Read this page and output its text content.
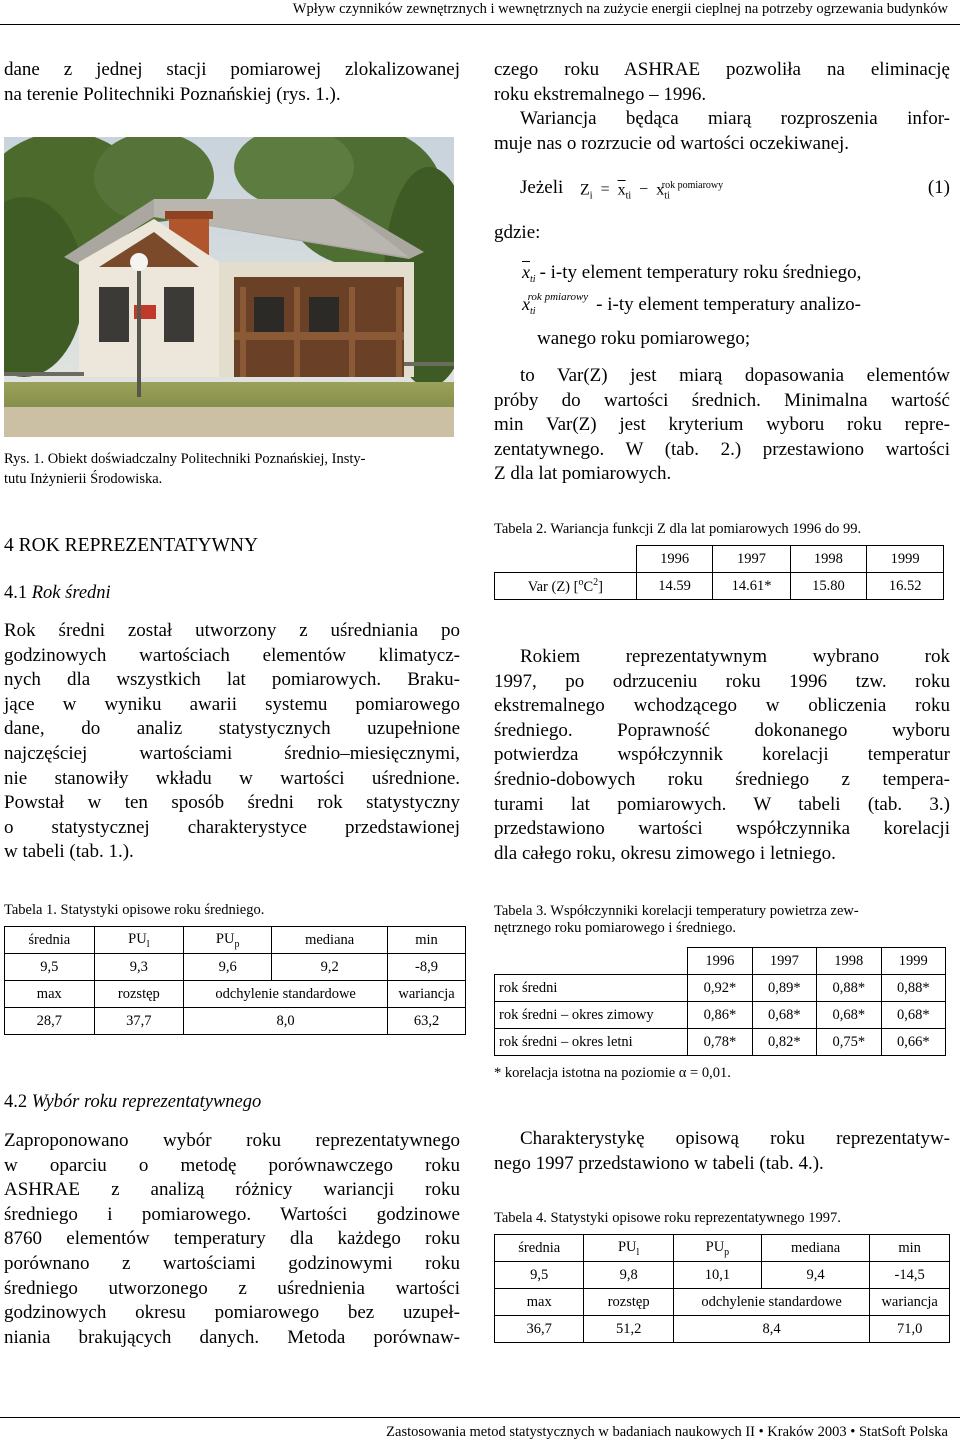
Wpływ czynników zewnętrznych i wewnętrznych na zużycie energii cieplnej na potrzeby ogrzewania budynków

dane z jednej stacji pomiarowej zlokalizowanej
na terenie Politechniki Poznańskiej (rys. 1.).

Rys. 1. Obiekt doświadczalny Politechniki Poznańskiej, Insty-
tutu Inżynierii Środowiska.

4 ROK REPREZENTATYWNY

4.1 Rok średni

Rok średni został utworzony z uśredniania po
godzinowych wartościach elementów klimatycz-
nych dla wszystkich lat pomiarowych. Braku-
jące w wyniku awarii systemu pomiarowego
dane, do analiz statystycznych uzupełnione
najczęściej wartościami średnio–miesięcznymi,
nie stanowiły wkładu w wartości uśrednione.
Powstał w ten sposób średni rok statystyczny
o statystycznej charakterystyce przedstawionej
w tabeli (tab. 1.).

Tabela 1. Statystyki opisowe roku średniego.

średnia	$PU_l$	$PU_p$	mediana	min
9,5	9,3	9,6	9,2	-8,9
max	rozstęp	odchylenie standardowe		wariancja
28,7	37,7	8,0		63,2

4.2 Wybór roku reprezentatywnego

Zaproponowano wybór roku reprezentatywnego
w oparciu o metodę porównawczego roku
ASHRAE z analizą różnicy wariancji roku
średniego i pomiarowego. Wartości godzinowe
8760 elementów temperatury dla każdego roku
porównano z wartościami godzinowymi roku
średniego utworzonego z uśrednienia wartości
godzinowych okresu pomiarowego bez uzupeł-
niania brakujących danych. Metoda porównaw-

czego roku ASHRAE pozwoliła na eliminację
roku ekstremalnego – 1996.
Wariancja będąca miarą rozproszenia infor-
muje nas o rozrzucie od wartości oczekiwanej.

Jeżeli $Z_i = \overline{x}_{ti} - x_{ti}^{rok pomiarowy}$	(1)
gdzie:
$\overline{x}_{ti} - i-ty$ element temperatury roku średniego,
$x_{ti}^{rok pmiarowy} - i-ty$ element temperatury analizo-
wanego roku pomiarowego;

to Var(Z) jest miarą dopasowania elementów
próby do wartości średnich. Minimalna wartość
min Var(Z) jest kryterium wyboru roku repre-
zentatywnego. W (tab. 2.) przestawiono wartości
Z dla lat pomiarowych.

Tabela 2. Wariancja funkcji Z dla lat pomiarowych 1996 do 99.

	1996	1997	1998	1999
Var (Z) $[^oC^2]$	14.59	14.61*	15.80	16.52

Rokiem reprezentatywnym wybrano rok
1997, po odrzuceniu roku 1996 tzw. roku
ekstremalnego wchodzącego w obliczenia roku
średniego. Poprawność dokonanego wyboru
potwierdza współczynnik korelacji temperatur
średnio-dobowych roku średniego z tempera-
turami lat pomiarowych. W tabeli (tab. 3.)
przedstawiono wartości współczynnika korelacji
dla całego roku, okresu zimowego i letniego.

Tabela 3. Współczynniki korelacji temperatury powietrza zew-
nętrznego roku pomiarowego i średniego.

	1996	1997	1998	1999
rok średni	0,92*	0,89*	0,88*	0,88*
rok średni – okres zimowy	0,86*	0,68*	0,68*	0,68*
rok średni – okres letni	0,78*	0,82*	0,75*	0,66*

* korelacja istotna na poziomie α = 0,01.

Charakterystykę opisową roku reprezentatyw-
nego 1997 przedstawiono w tabeli (tab. 4.).

Tabela 4. Statystyki opisowe roku reprezentatywnego 1997.

średnia	$PU_l$	$PU_p$	mediana	min
9,5	9,8	10,1	9,4	-14,5
max	rozstęp	odchylenie standardowe		wariancja
36,7	51,2	8,4		71,0
Zastosowania metod statystycznych w badaniach naukowych II • Kraków 2003 • StatSoft Polska
